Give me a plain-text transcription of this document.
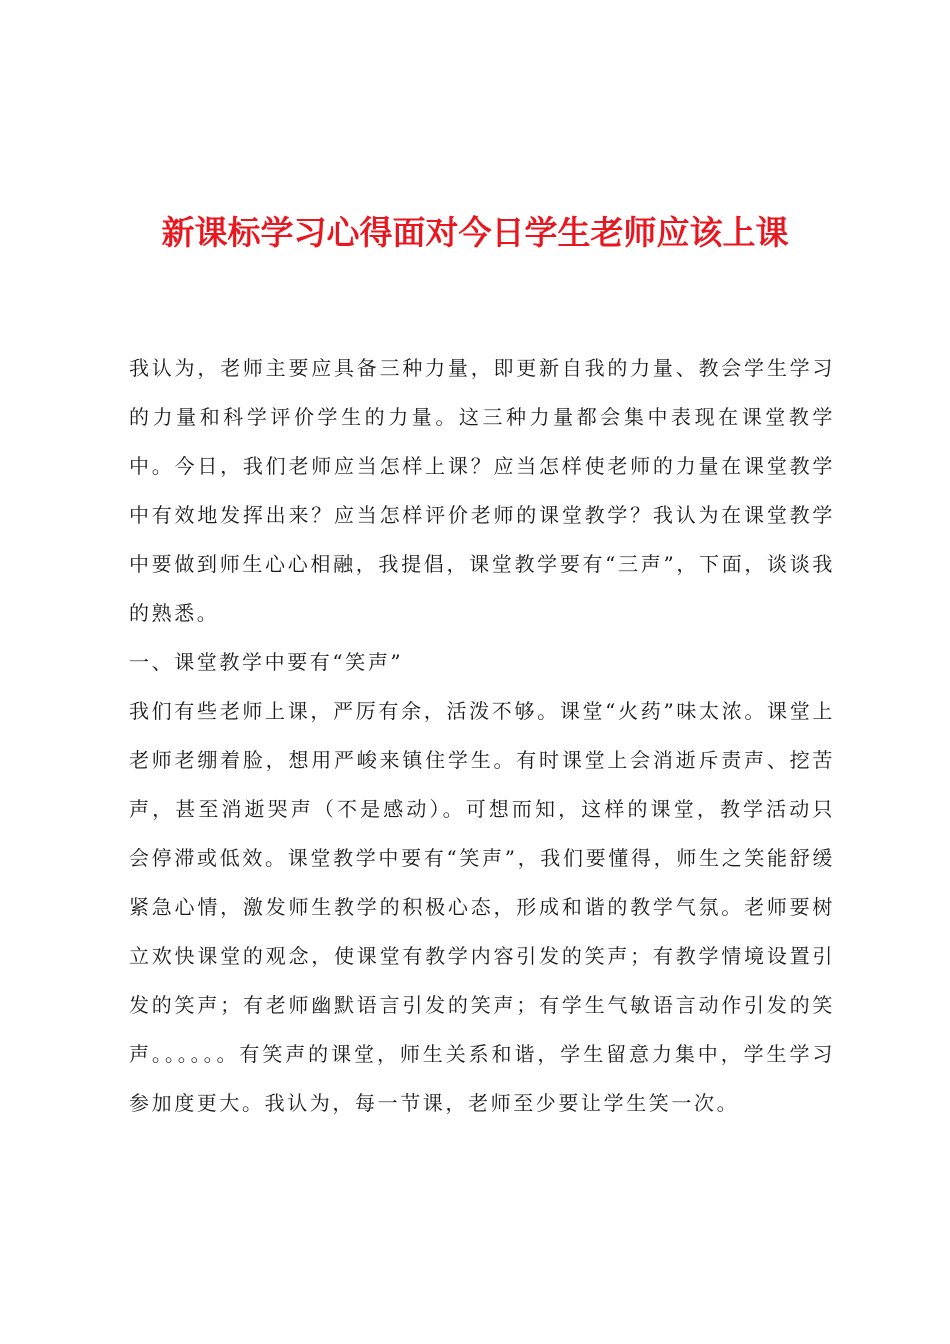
新课标学习心得面对今日学生老师应该上课

我认为，老师主要应具备三种力量，即更新自我的力量、教会学生学习的力量和科学评价学生的力量。这三种力量都会集中表现在课堂教学中。今日，我们老师应当怎样上课？应当怎样使老师的力量在课堂教学中有效地发挥出来？应当怎样评价老师的课堂教学？我认为在课堂教学中要做到师生心心相融，我提倡，课堂教学要有“三声”，下面，谈谈我的熟悉。

一、课堂教学中要有“笑声”

我们有些老师上课，严厉有余，活泼不够。课堂“火药”味太浓。课堂上老师老绷着脸，想用严峻来镇住学生。有时课堂上会消逝斥责声、挖苦声，甚至消逝哭声（不是感动）。可想而知，这样的课堂，教学活动只会停滞或低效。课堂教学中要有“笑声”，我们要懂得，师生之笑能舒缓紧急心情，激发师生教学的积极心态，形成和谐的教学气氛。老师要树立欢快课堂的观念，使课堂有教学内容引发的笑声；有教学情境设置引发的笑声；有老师幽默语言引发的笑声；有学生气敏语言动作引发的笑声。。。。。。有笑声的课堂，师生关系和谐，学生留意力集中，学生学习参加度更大。我认为，每一节课，老师至少要让学生笑一次。
